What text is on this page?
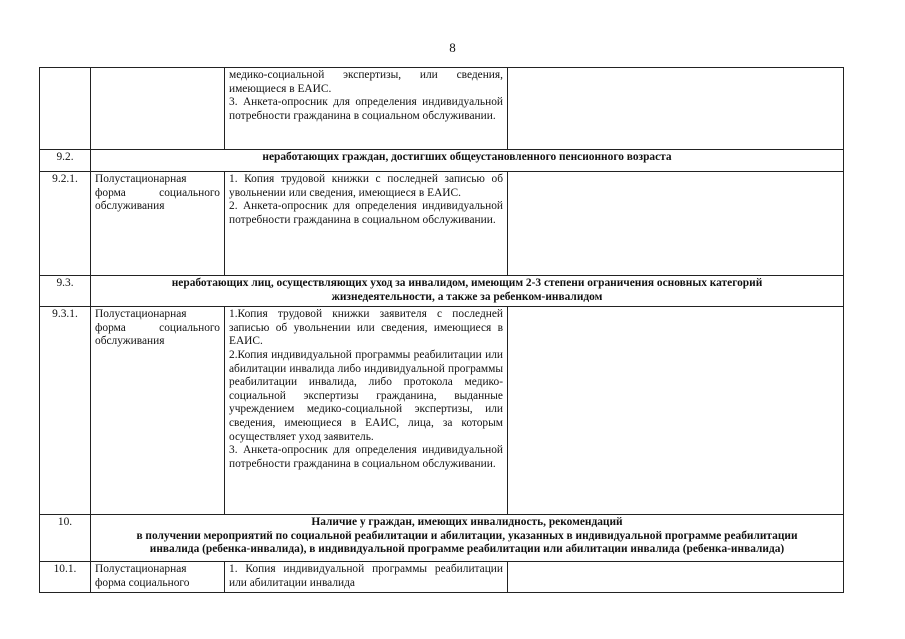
8

		медико-социальной экспертизы, или сведения, имеющиеся в ЕАИС.
3. Анкета-опросник для определения индивидуальной потребности гражданина в социальном обслуживании.	

9.2.	неработающих граждан, достигших общеустановленного пенсионного возраста		

9.2.1.	Полустационарная форма социального обслуживания	1. Копия трудовой книжки с последней записью об увольнении или сведения, имеющиеся в ЕАИС.
2. Анкета-опросник для определения индивидуальной потребности гражданина в социальном обслуживании.	

9.3.	неработающих лиц, осуществляющих уход за инвалидом, имеющим 2-3 степени ограничения основных категорий
жизнедеятельности, а также за ребенком-инвалидом		

9.3.1.	Полустационарная форма социального обслуживания	1.Копия трудовой книжки заявителя с последней записью об увольнении или сведения, имеющиеся в ЕАИС.
2.Копия индивидуальной программы реабилитации или абилитации инвалида либо индивидуальной программы реабилитации инвалида, либо протокола медико-социальной экспертизы гражданина, выданные учреждением медико-социальной экспертизы, или сведения, имеющиеся в ЕАИС, лица, за которым осуществляет уход заявитель.
3. Анкета-опросник для определения индивидуальной потребности гражданина в социальном обслуживании.	

10.	Наличие у граждан, имеющих инвалидность, рекомендаций
в получении мероприятий по социальной реабилитации и абилитации, указанных в индивидуальной программе реабилитации
инвалида (ребенка-инвалида), в индивидуальной программе реабилитации или абилитации инвалида (ребенка-инвалида)		

10.1.	Полустационарная форма социального	1. Копия индивидуальной программы реабилитации или абилитации инвалида	
